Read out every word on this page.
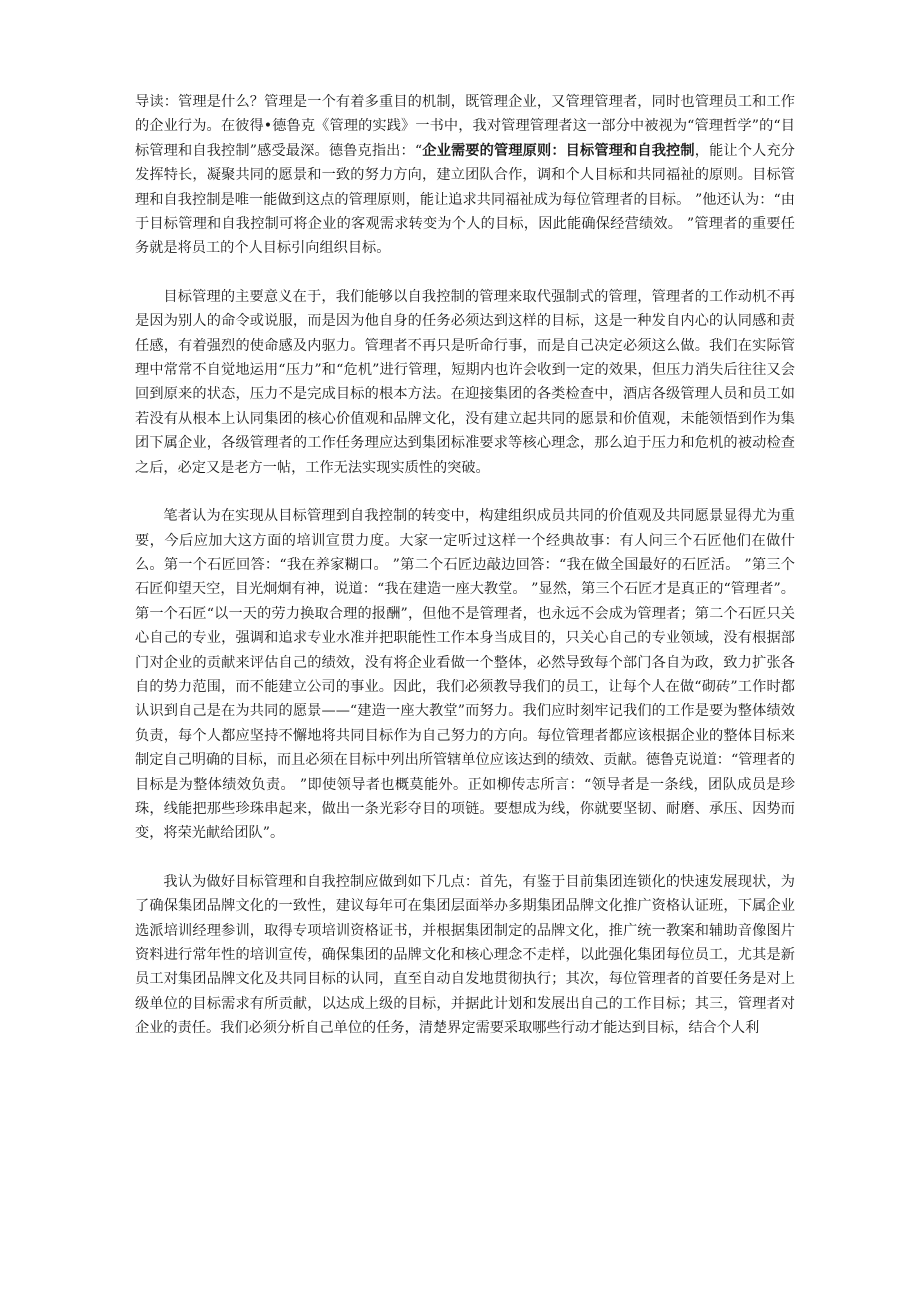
导读：管理是什么？管理是一个有着多重目的机制，既管理企业，又管理管理者，同时也管理员工和工作的企业行为。在彼得•德鲁克《管理的实践》一书中，我对管理管理者这一部分中被视为“管理哲学”的“目标管理和自我控制”感受最深。德鲁克指出：“企业需要的管理原则：目标管理和自我控制，能让个人充分发挥特长，凝聚共同的愿景和一致的努力方向，建立团队合作，调和个人目标和共同福祉的原则。目标管理和自我控制是唯一能做到这点的管理原则，能让追求共同福祉成为每位管理者的目标。 ”他还认为：“由于目标管理和自我控制可将企业的客观需求转变为个人的目标，因此能确保经营绩效。 ”管理者的重要任务就是将员工的个人目标引向组织目标。

目标管理的主要意义在于，我们能够以自我控制的管理来取代强制式的管理，管理者的工作动机不再是因为别人的命令或说服，而是因为他自身的任务必须达到这样的目标，这是一种发自内心的认同感和责任感，有着强烈的使命感及内驱力。管理者不再只是听命行事，而是自己决定必须这么做。我们在实际管理中常常不自觉地运用“压力”和“危机”进行管理，短期内也许会收到一定的效果，但压力消失后往往又会回到原来的状态，压力不是完成目标的根本方法。在迎接集团的各类检查中，酒店各级管理人员和员工如若没有从根本上认同集团的核心价值观和品牌文化，没有建立起共同的愿景和价值观，未能领悟到作为集团下属企业，各级管理者的工作任务理应达到集团标准要求等核心理念，那么迫于压力和危机的被动检查之后，必定又是老方一帖，工作无法实现实质性的突破。

笔者认为在实现从目标管理到自我控制的转变中，构建组织成员共同的价值观及共同愿景显得尤为重要，今后应加大这方面的培训宣贯力度。大家一定听过这样一个经典故事：有人问三个石匠他们在做什么。第一个石匠回答：“我在养家糊口。 ”第二个石匠边敲边回答：“我在做全国最好的石匠活。 ”第三个石匠仰望天空，目光炯炯有神，说道：“我在建造一座大教堂。 ”显然，第三个石匠才是真正的“管理者”。第一个石匠“以一天的劳力换取合理的报酬”，但他不是管理者，也永远不会成为管理者；第二个石匠只关心自己的专业，强调和追求专业水准并把职能性工作本身当成目的，只关心自己的专业领域，没有根据部门对企业的贡献来评估自己的绩效，没有将企业看做一个整体，必然导致每个部门各自为政，致力扩张各自的势力范围，而不能建立公司的事业。因此，我们必须教导我们的员工，让每个人在做“砌砖”工作时都认识到自己是在为共同的愿景——“建造一座大教堂”而努力。我们应时刻牢记我们的工作是要为整体绩效负责，每个人都应坚持不懈地将共同目标作为自己努力的方向。每位管理者都应该根据企业的整体目标来制定自己明确的目标，而且必须在目标中列出所管辖单位应该达到的绩效、贡献。德鲁克说道：“管理者的目标是为整体绩效负责。 ”即使领导者也概莫能外。正如柳传志所言：“领导者是一条线，团队成员是珍珠，线能把那些珍珠串起来，做出一条光彩夺目的项链。要想成为线，你就要坚韧、耐磨、承压、因势而变，将荣光献给团队”。

我认为做好目标管理和自我控制应做到如下几点：首先，有鉴于目前集团连锁化的快速发展现状，为了确保集团品牌文化的一致性，建议每年可在集团层面举办多期集团品牌文化推广资格认证班，下属企业选派培训经理参训，取得专项培训资格证书，并根据集团制定的品牌文化，推广统一教案和辅助音像图片资料进行常年性的培训宣传，确保集团的品牌文化和核心理念不走样，以此强化集团每位员工，尤其是新员工对集团品牌文化及共同目标的认同，直至自动自发地贯彻执行；其次，每位管理者的首要任务是对上级单位的目标需求有所贡献，以达成上级的目标，并据此计划和发展出自己的工作目标；其三，管理者对企业的责任。我们必须分析自己单位的任务，清楚界定需要采取哪些行动才能达到目标，结合个人利
